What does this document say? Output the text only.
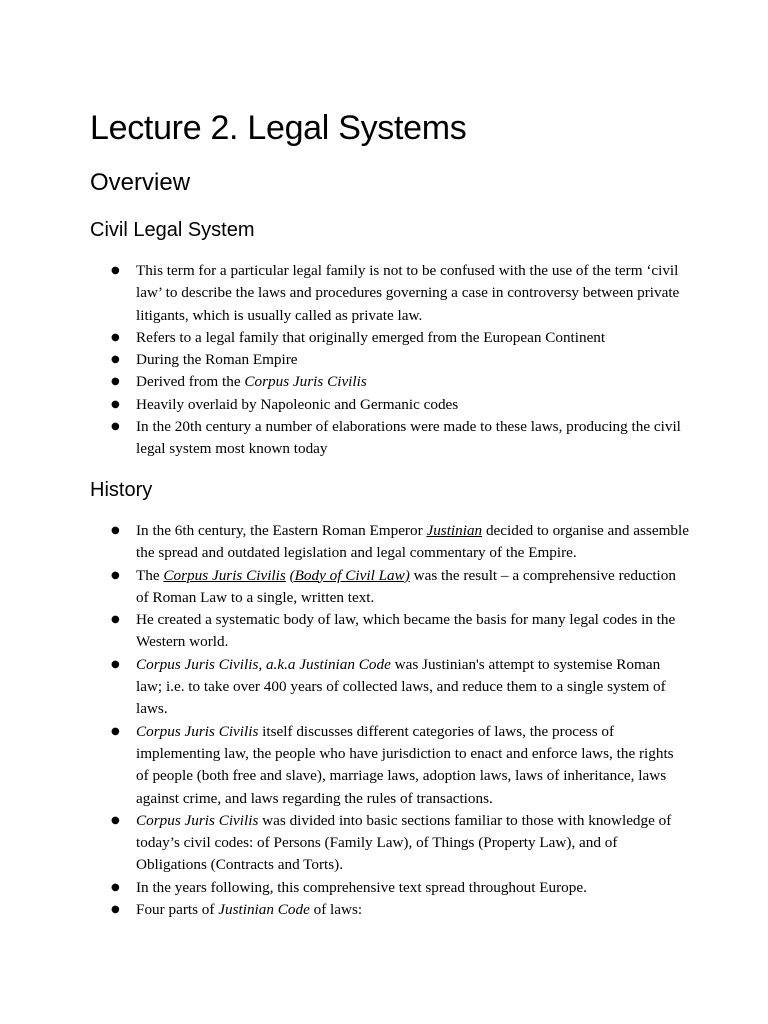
Lecture 2. Legal Systems
Overview
Civil Legal System
● This term for a particular legal family is not to be confused with the use of the term ‘civil law’ to describe the laws and procedures governing a case in controversy between private litigants, which is usually called as private law.
● Refers to a legal family that originally emerged from the European Continent
● During the Roman Empire
● Derived from the Corpus Juris Civilis
● Heavily overlaid by Napoleonic and Germanic codes
● In the 20th century a number of elaborations were made to these laws, producing the civil legal system most known today
History
● In the 6th century, the Eastern Roman Emperor Justinian decided to organise and assemble the spread and outdated legislation and legal commentary of the Empire.
● The Corpus Juris Civilis (Body of Civil Law) was the result – a comprehensive reduction of Roman Law to a single, written text.
● He created a systematic body of law, which became the basis for many legal codes in the Western world.
● Corpus Juris Civilis, a.k.a Justinian Code was Justinian's attempt to systemise Roman law; i.e. to take over 400 years of collected laws, and reduce them to a single system of laws.
● Corpus Juris Civilis itself discusses different categories of laws, the process of implementing law, the people who have jurisdiction to enact and enforce laws, the rights of people (both free and slave), marriage laws, adoption laws, laws of inheritance, laws against crime, and laws regarding the rules of transactions.
● Corpus Juris Civilis was divided into basic sections familiar to those with knowledge of today’s civil codes: of Persons (Family Law), of Things (Property Law), and of Obligations (Contracts and Torts).
● In the years following, this comprehensive text spread throughout Europe.
● Four parts of Justinian Code of laws:
